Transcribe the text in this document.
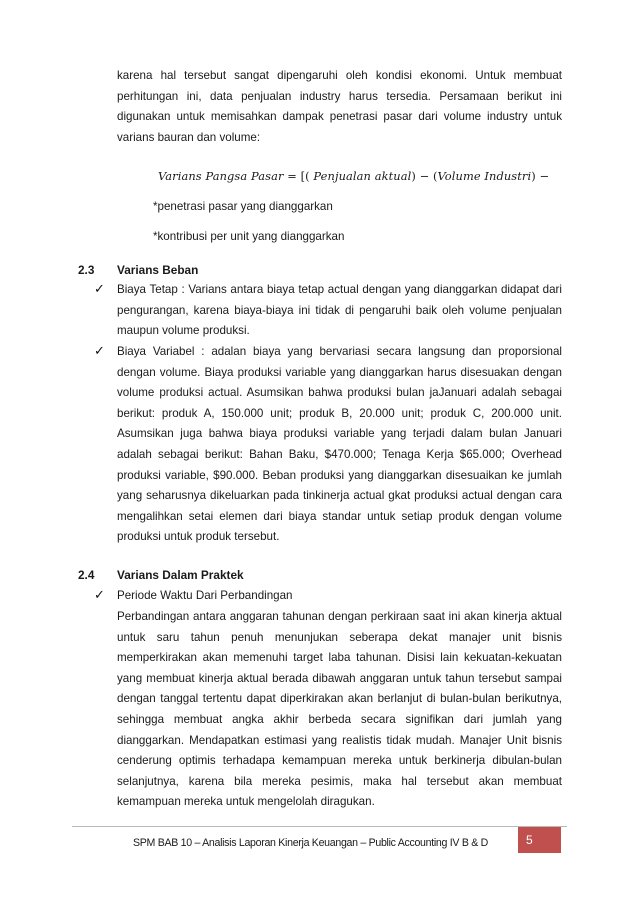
karena hal tersebut sangat dipengaruhi oleh kondisi ekonomi. Untuk membuat perhitungan ini, data penjualan industry harus tersedia. Persamaan berikut ini digunakan untuk memisahkan dampak penetrasi pasar dari volume industry untuk varians bauran dan volume:
Varians Pangsa Pasar = [( Penjualan aktual) − (Volume Industri) −
*penetrasi pasar yang dianggarkan
*kontribusi per unit yang dianggarkan
2.3 Varians Beban
✓ Biaya Tetap : Varians antara biaya tetap actual dengan yang dianggarkan didapat dari pengurangan, karena biaya-biaya ini tidak di pengaruhi baik oleh volume penjualan maupun volume produksi.
✓ Biaya Variabel : adalan biaya yang bervariasi secara langsung dan proporsional dengan volume. Biaya produksi variable yang dianggarkan harus disesuakan dengan volume produksi actual. Asumsikan bahwa produksi bulan jaJanuari adalah sebagai berikut: produk A, 150.000 unit; produk B, 20.000 unit; produk C, 200.000 unit. Asumsikan juga bahwa biaya produksi variable yang terjadi dalam bulan Januari adalah sebagai berikut: Bahan Baku, $470.000; Tenaga Kerja $65.000; Overhead produksi variable, $90.000. Beban produksi yang dianggarkan disesuaikan ke jumlah yang seharusnya dikeluarkan pada tinkinerja actual gkat produksi actual dengan cara mengalihkan setai elemen dari biaya standar untuk setiap produk dengan volume produksi untuk produk tersebut.
2.4 Varians Dalam Praktek
✓ Periode Waktu Dari Perbandingan
Perbandingan antara anggaran tahunan dengan perkiraan saat ini akan kinerja aktual untuk saru tahun penuh menunjukan seberapa dekat manajer unit bisnis memperkirakan akan memenuhi target laba tahunan. Disisi lain kekuatan-kekuatan yang membuat kinerja aktual berada dibawah anggaran untuk tahun tersebut sampai dengan tanggal tertentu dapat diperkirakan akan berlanjut di bulan-bulan berikutnya, sehingga membuat angka akhir berbeda secara signifikan dari jumlah yang dianggarkan. Mendapatkan estimasi yang realistis tidak mudah. Manajer Unit bisnis cenderung optimis terhadapa kemampuan mereka untuk berkinerja dibulan-bulan selanjutnya, karena bila mereka pesimis, maka hal tersebut akan membuat kemampuan mereka untuk mengelolah diragukan.
SPM BAB 10 – Analisis Laporan Kinerja Keuangan – Public Accounting IV B & D	5
